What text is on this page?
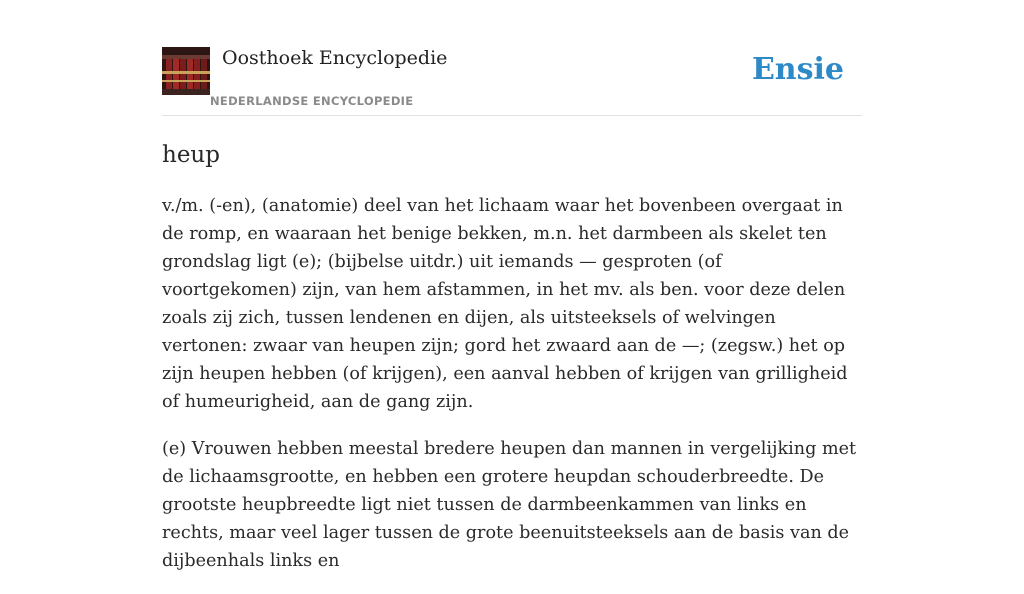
Oosthoek Encyclopedie
NEDERLANDSE ENCYCLOPEDIE
Ensie
heup

v./m. (-en), (anatomie) deel van het lichaam waar het bovenbeen overgaat in de romp, en waaraan het benige bekken, m.n. het darmbeen als skelet ten grondslag ligt (e); (bijbelse uitdr.) uit iemands — gesproten (of voortgekomen) zijn, van hem afstammen, in het mv. als ben. voor deze delen zoals zij zich, tussen lendenen en dijen, als uitsteeksels of welvingen vertonen: zwaar van heupen zijn; gord het zwaard aan de —; (zegsw.) het op zijn heupen hebben (of krijgen), een aanval hebben of krijgen van grilligheid of humeurigheid, aan de gang zijn.

(e) Vrouwen hebben meestal bredere heupen dan mannen in vergelijking met de lichaamsgrootte, en hebben een grotere heupdan schouderbreedte. De grootste heupbreedte ligt niet tussen de darmbeenkammen van links en rechts, maar veel lager tussen de grote beenuitsteeksels aan de basis van de dijbeenhals links en
